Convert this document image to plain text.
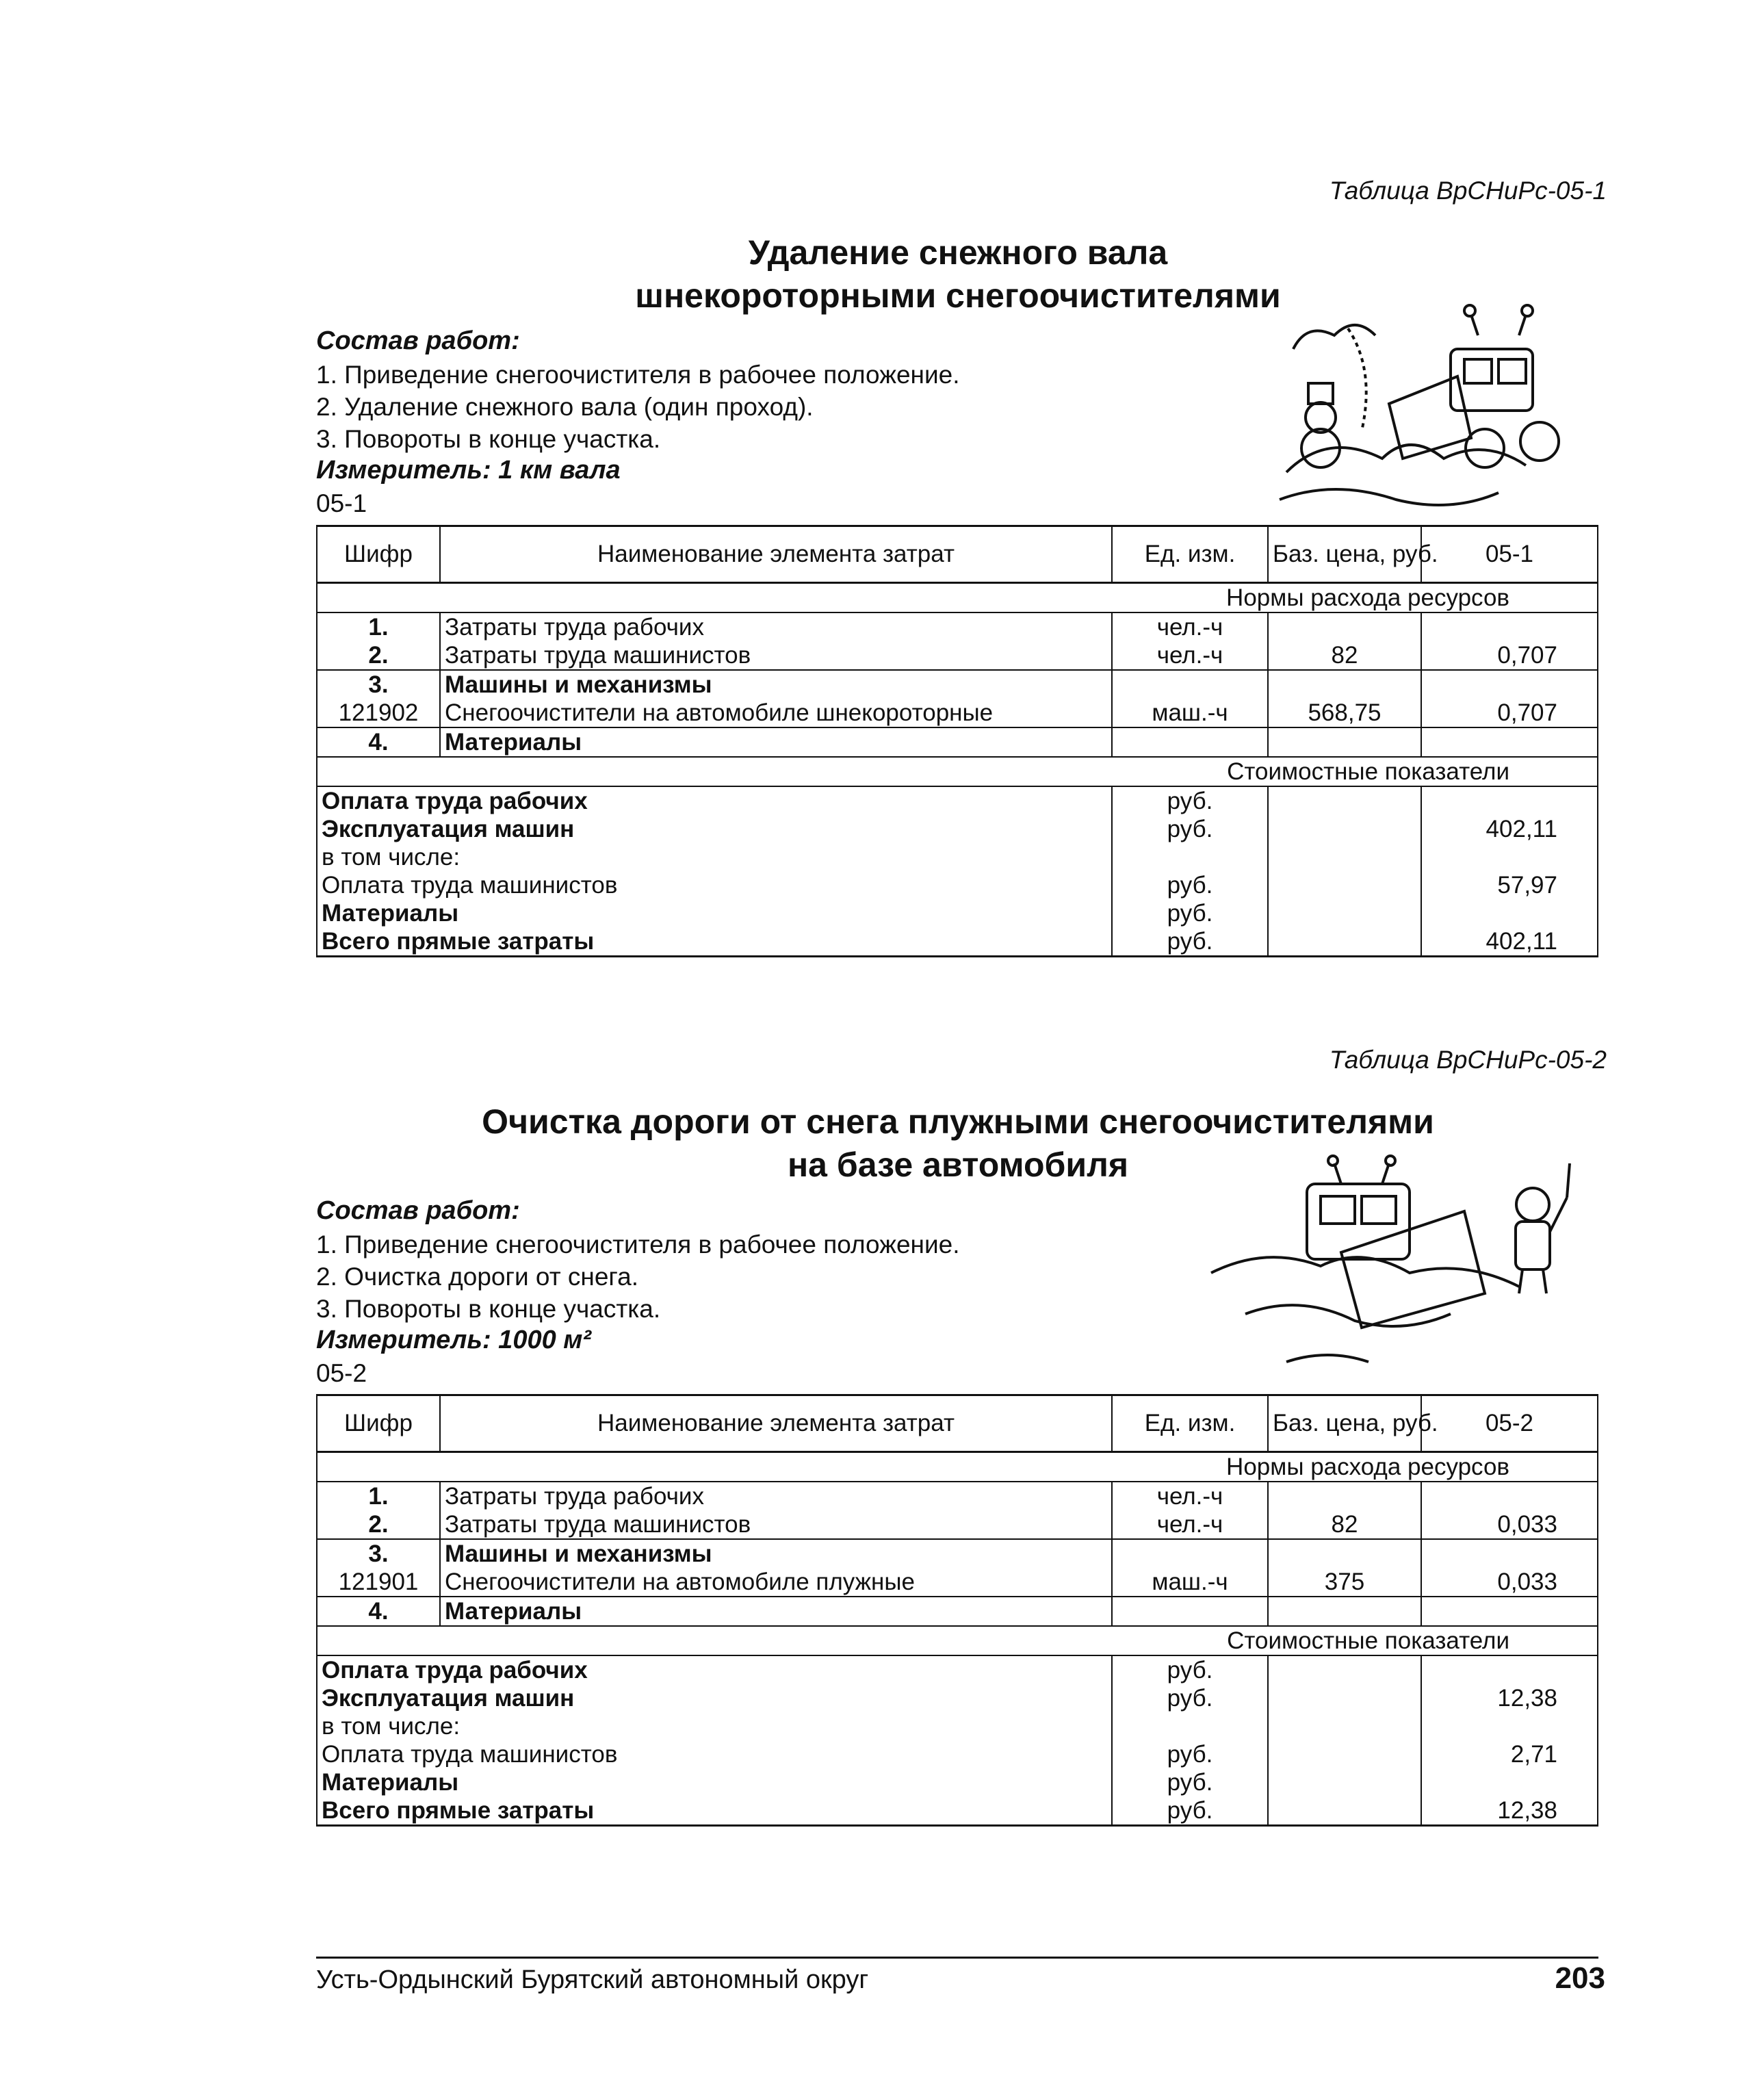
Таблица ВрСНиРс-05-1
Удаление снежного вала
шнекороторными снегоочистителями
Состав работ:
1. Приведение снегоочистителя в рабочее положение.
2. Удаление снежного вала (один проход).
3. Повороты в конце участка.
Измеритель: 1 км вала
05-1
Шифр	Наименование элемента затрат	Ед. изм.	Баз. цена, руб.	05-1
Нормы расхода ресурсов				
1.	Затраты труда рабочих	чел.-ч		
2.	Затраты труда машинистов	чел.-ч	82	0,707
3.	Машины и механизмы			
121902	Снегоочистители на автомобиле шнекороторные	маш.-ч	568,75	0,707
4.	Материалы			
Стоимостные показатели				
Оплата труда рабочих		руб.		
Эксплуатация машин		руб.		402,11
в том числе:				
Оплата труда машинистов		руб.		57,97
Материалы		руб.		
Всего прямые затраты		руб.		402,11
Таблица ВрСНиРс-05-2
Очистка дороги от снега плужными снегоочистителями
на базе автомобиля
Состав работ:
1. Приведение снегоочистителя в рабочее положение.
2. Очистка дороги от снега.
3. Повороты в конце участка.
Измеритель: 1000 м²
05-2
Шифр	Наименование элемента затрат	Ед. изм.	Баз. цена, руб.	05-2
Нормы расхода ресурсов				
1.	Затраты труда рабочих	чел.-ч		
2.	Затраты труда машинистов	чел.-ч	82	0,033
3.	Машины и механизмы			
121901	Снегоочистители на автомобиле плужные	маш.-ч	375	0,033
4.	Материалы			
Стоимостные показатели				
Оплата труда рабочих		руб.		
Эксплуатация машин		руб.		12,38
в том числе:				
Оплата труда машинистов		руб.		2,71
Материалы		руб.		
Всего прямые затраты		руб.		12,38
Усть-Ордынский Бурятский автономный округ	203
